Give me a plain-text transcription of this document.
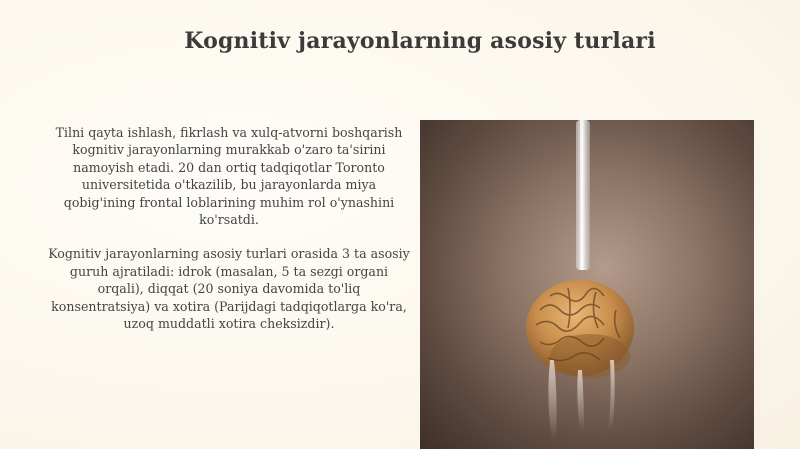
Kognitiv jarayonlarning asosiy turlari

Tilni qayta ishlash, fikrlash va xulq-atvorni boshqarish kognitiv jarayonlarning murakkab o'zaro ta'sirini namoyish etadi. 20 dan ortiq tadqiqotlar Toronto universitetida o'tkazilib, bu jarayonlarda miya qobig'ining frontal loblarining muhim rol o'ynashini ko'rsatdi.

Kognitiv jarayonlarning asosiy turlari orasida 3 ta asosiy guruh ajratiladi: idrok (masalan, 5 ta sezgi organi orqali), diqqat (20 soniya davomida to'liq konsentratsiya) va xotira (Parijdagi tadqiqotlarga ko'ra, uzoq muddatli xotira cheksizdir).
